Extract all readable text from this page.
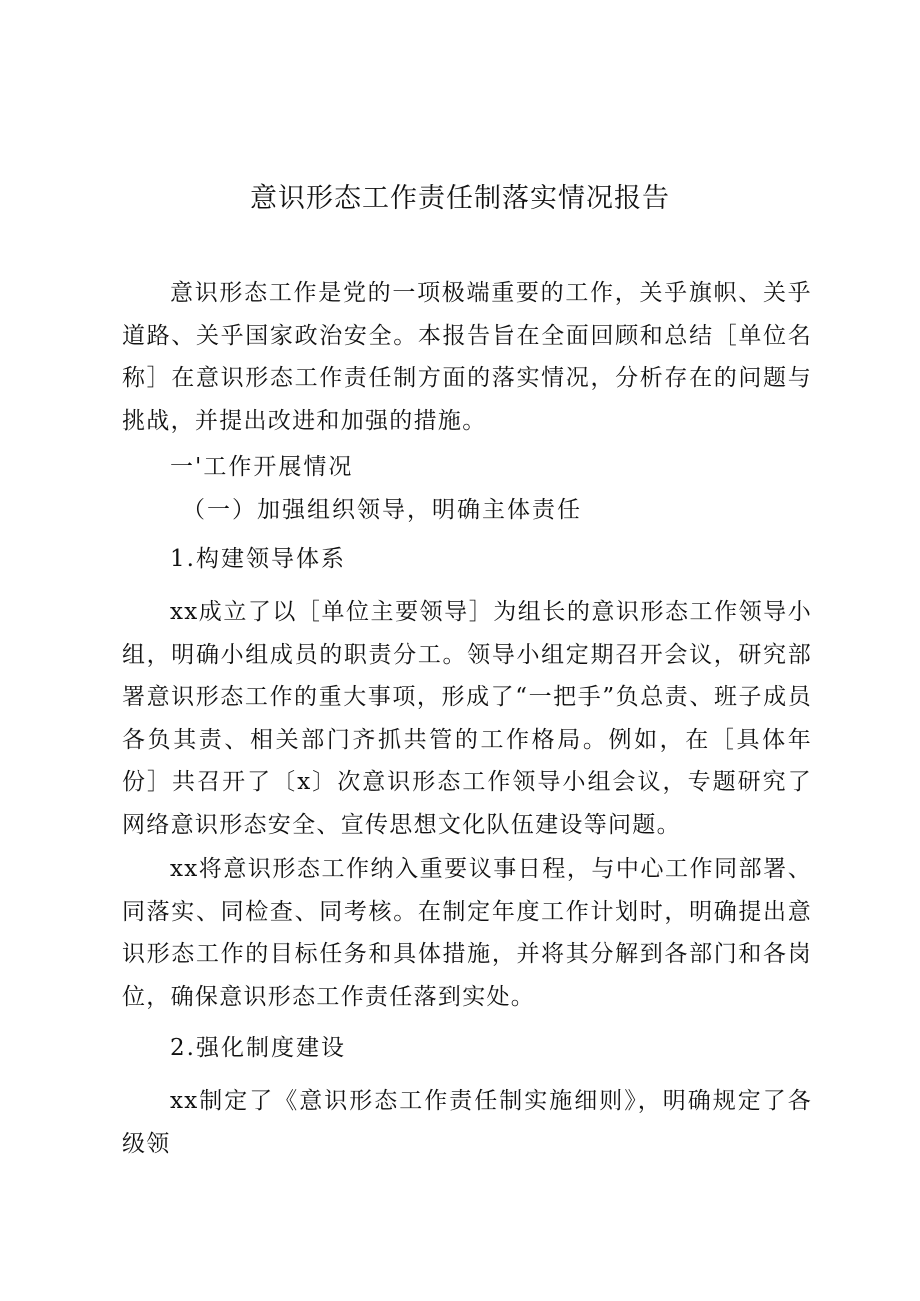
意识形态工作责任制落实情况报告
意识形态工作是党的一项极端重要的工作，关乎旗帜、关乎道路、关乎国家政治安全。本报告旨在全面回顾和总结［单位名称］在意识形态工作责任制方面的落实情况，分析存在的问题与挑战，并提出改进和加强的措施。
一'工作开展情况
（一）加强组织领导，明确主体责任
1.构建领导体系
xx成立了以［单位主要领导］为组长的意识形态工作领导小组，明确小组成员的职责分工。领导小组定期召开会议，研究部署意识形态工作的重大事项，形成了“一把手”负总责、班子成员各负其责、相关部门齐抓共管的工作格局。例如，在［具体年份］共召开了〔x〕次意识形态工作领导小组会议，专题研究了网络意识形态安全、宣传思想文化队伍建设等问题。
xx将意识形态工作纳入重要议事日程，与中心工作同部署、同落实、同检查、同考核。在制定年度工作计划时，明确提出意识形态工作的目标任务和具体措施，并将其分解到各部门和各岗位，确保意识形态工作责任落到实处。
2.强化制度建设
xx制定了《意识形态工作责任制实施细则》，明确规定了各级领
